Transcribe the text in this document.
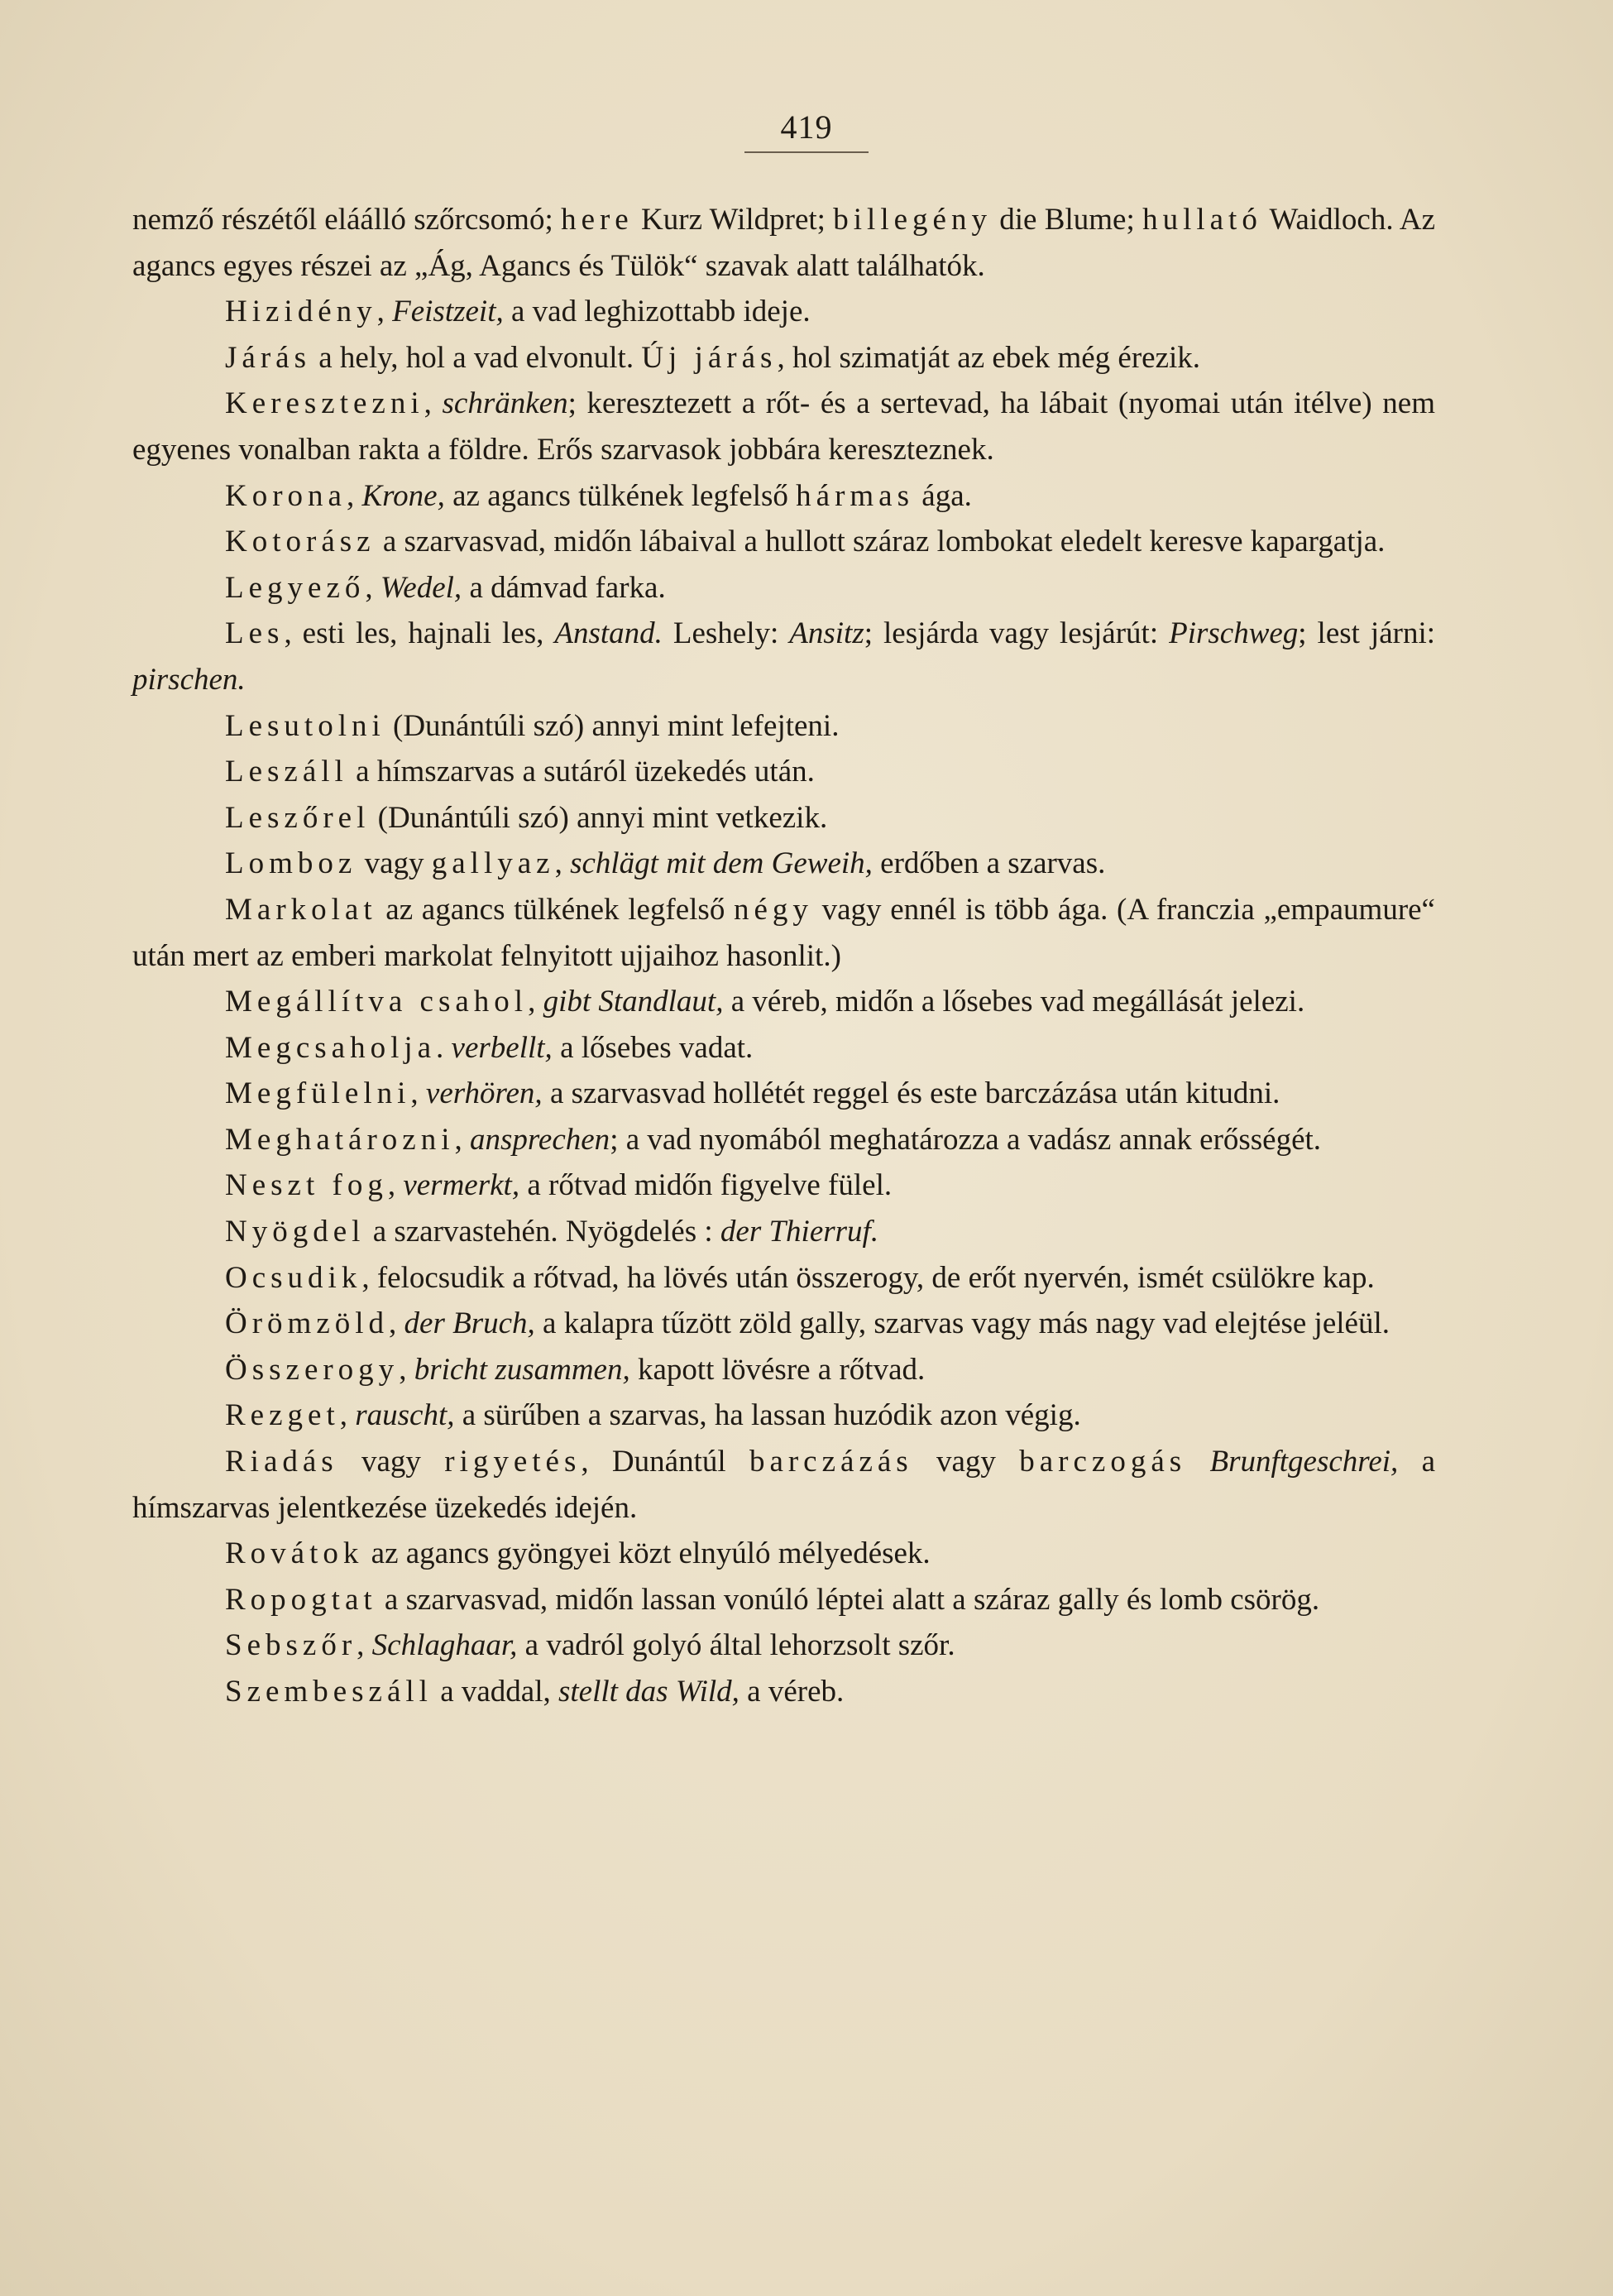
419

nemző részétől eláálló szőrcsomó; here Kurz Wildpret; billegény die Blume; hullató Waidloch. Az agancs egyes részei az „Ág, Agancs és Tülök“ szavak alatt találhatók.

Hizidény, Feistzeit, a vad leghizottabb ideje.

Járás a hely, hol a vad elvonult. Új járás, hol szimatját az ebek még érezik.

Keresztezni, schränken; keresztezett a rőt- és a sertevad, ha lábait (nyomai után itélve) nem egyenes vonalban rakta a földre. Erős szarvasok jobbára kereszteznek.

Korona, Krone, az agancs tülkének legfelső hármas ága.

Kotorász a szarvasvad, midőn lábaival a hullott száraz lombokat eledelt keresve kapargatja.

Legyező, Wedel, a dámvad farka.

Les, esti les, hajnali les, Anstand. Leshely: Ansitz; lesjárda vagy lesjárút: Pirschweg; lest járni: pirschen.

Lesutolni (Dunántúli szó) annyi mint lefejteni.

Leszáll a hímszarvas a sutáról üzekedés után.

Leszőrel (Dunántúli szó) annyi mint vetkezik.

Lomboz vagy gallyaz, schlägt mit dem Geweih, erdőben a szarvas.

Markolat az agancs tülkének legfelső négy vagy ennél is több ága. (A franczia „empaumure“ után mert az emberi markolat felnyitott ujjaihoz hasonlit.)

Megállítva csahol, gibt Standlaut, a véreb, midőn a lősebes vad megállását jelezi.

Megcsaholja. verbellt, a lősebes vadat.

Megfülelni, verhören, a szarvasvad hollétét reggel és este barczázása után kitudni.

Meghatározni, ansprechen; a vad nyomából meghatározza a vadász annak erősségét.

Neszt fog, vermerkt, a rőtvad midőn figyelve fülel.

Nyögdel a szarvastehén. Nyögdelés : der Thierruf.

Ocsudik, felocsudik a rőtvad, ha lövés után összerogy, de erőt nyervén, ismét csülökre kap.

Örömzöld, der Bruch, a kalapra tűzött zöld gally, szarvas vagy más nagy vad elejtése jeléül.

Összerogy, bricht zusammen, kapott lövésre a rőtvad.

Rezget, rauscht, a sürűben a szarvas, ha lassan huzódik azon végig.

Riadás vagy rigyetés, Dunántúl barczázás vagy barczogás Brunftgeschrei, a hímszarvas jelentkezése üzekedés idején.

Rovátok az agancs gyöngyei közt elnyúló mélyedések.

Ropogtat a szarvasvad, midőn lassan vonúló léptei alatt a száraz gally és lomb csörög.

Sebszőr, Schlaghaar, a vadról golyó által lehorzsolt szőr.

Szembeszáll a vaddal, stellt das Wild, a véreb.
